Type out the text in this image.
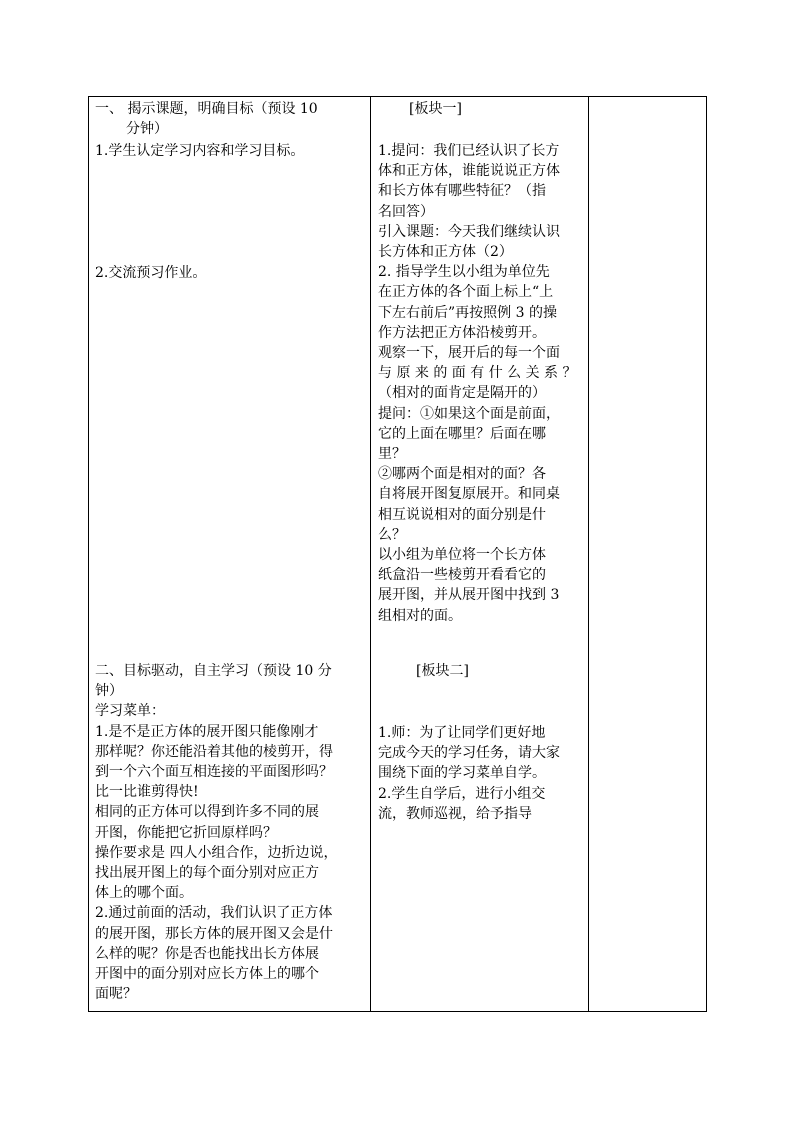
一、 揭示课题，明确目标（预设 10
分钟）
1.学生认定学习内容和学习目标。
2.交流预习作业。
[板块一]
1.提问：我们已经认识了长方
体和正方体，谁能说说正方体
和长方体有哪些特征？（指
名回答）
引入课题：今天我们继续认识
长方体和正方体（2）
2. 指导学生以小组为单位先
在正方体的各个面上标上“上
下左右前后”再按照例 3 的操
作方法把正方体沿棱剪开。
观察一下，展开后的每一个面
与 原 来 的 面 有 什 么 关 系 ？
（相对的面肯定是隔开的）
提问：①如果这个面是前面，
它的上面在哪里？后面在哪
里？
②哪两个面是相对的面？各
自将展开图复原展开。和同桌
相互说说相对的面分别是什
么？
以小组为单位将一个长方体
纸盒沿一些棱剪开看看它的
展开图，并从展开图中找到 3
组相对的面。
二、目标驱动，自主学习（预设 10 分
钟）
学习菜单：
1.是不是正方体的展开图只能像刚才
那样呢？你还能沿着其他的棱剪开，得
到一个六个面互相连接的平面图形吗？
比一比谁剪得快!
相同的正方体可以得到许多不同的展
开图，你能把它折回原样吗？
操作要求是 四人小组合作，边折边说，
找出展开图上的每个面分别对应正方
体上的哪个面。
2.通过前面的活动，我们认识了正方体
的展开图，那长方体的展开图又会是什
么样的呢？你是否也能找出长方体展
开图中的面分别对应长方体上的哪个
面呢？
[板块二]
1.师：为了让同学们更好地
完成今天的学习任务，请大家
围绕下面的学习菜单自学。
2.学生自学后，进行小组交
流，教师巡视，给予指导
